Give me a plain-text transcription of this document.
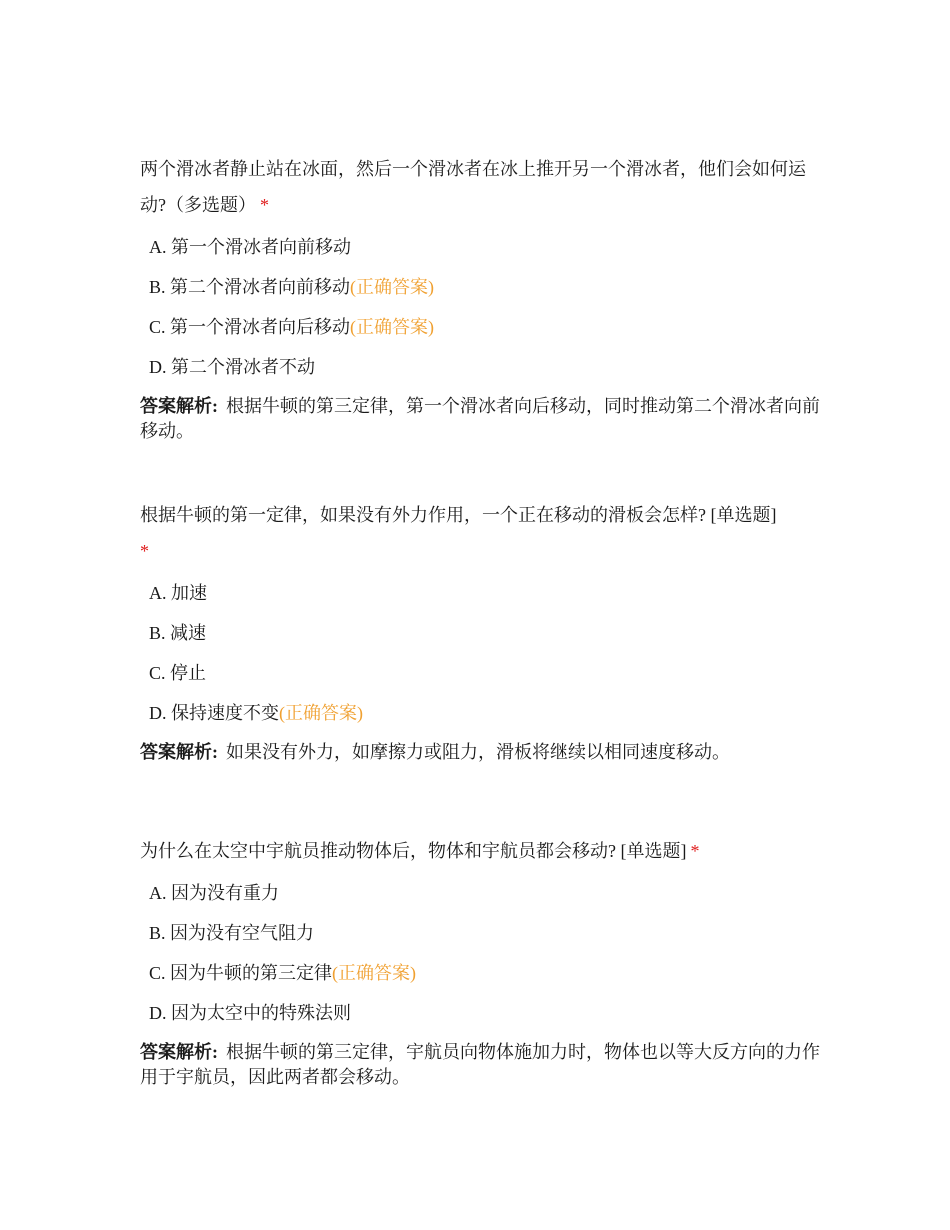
两个滑冰者静止站在冰面，然后一个滑冰者在冰上推开另一个滑冰者，他们会如何运动?（多选题） *

A. 第一个滑冰者向前移动
B. 第二个滑冰者向前移动(正确答案)
C. 第一个滑冰者向后移动(正确答案)
D. 第二个滑冰者不动
答案解析: 根据牛顿的第三定律，第一个滑冰者向后移动，同时推动第二个滑冰者向前移动。

根据牛顿的第一定律，如果没有外力作用，一个正在移动的滑板会怎样? [单选题]
*

A. 加速
B. 减速
C. 停止
D. 保持速度不变(正确答案)
答案解析: 如果没有外力，如摩擦力或阻力，滑板将继续以相同速度移动。

为什么在太空中宇航员推动物体后，物体和宇航员都会移动? [单选题] *

A. 因为没有重力
B. 因为没有空气阻力
C. 因为牛顿的第三定律(正确答案)
D. 因为太空中的特殊法则
答案解析: 根据牛顿的第三定律，宇航员向物体施加力时，物体也以等大反方向的力作用于宇航员，因此两者都会移动。
